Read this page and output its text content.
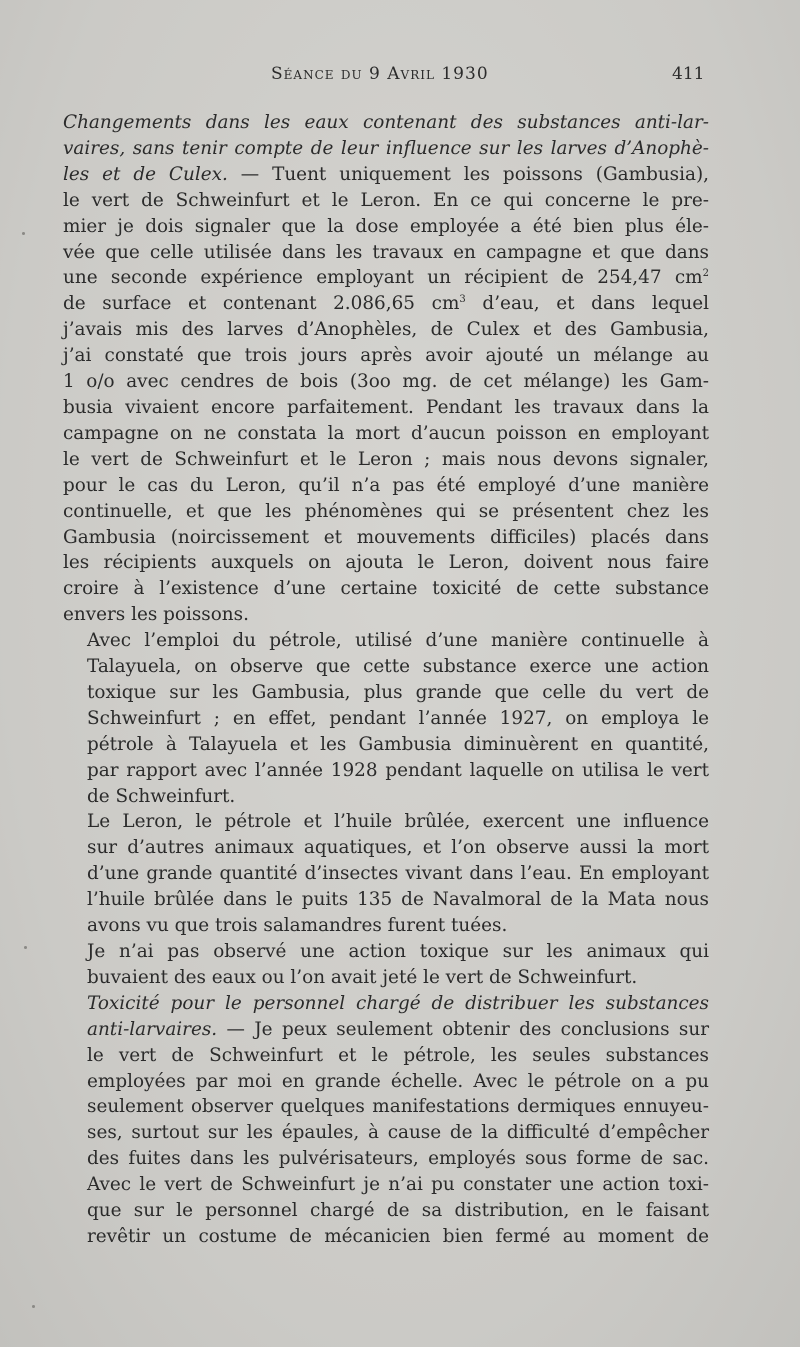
Séance du 9 Avril 1930	411

Changements dans les eaux contenant des substances anti-lar-
vaires, sans tenir compte de leur influence sur les larves d’Anophè-
les et de Culex. — Tuent uniquement les poissons (Gambusia),
le vert de Schweinfurt et le Leron. En ce qui concerne le pre-
mier je dois signaler que la dose employée a été bien plus éle-
vée que celle utilisée dans les travaux en campagne et que dans
une seconde expérience employant un récipient de 254,47 $cm^2$
de surface et contenant 2.086,65 $cm^3$ d’eau, et dans lequel
j’avais mis des larves d’Anophèles, de Culex et des Gambusia,
j’ai constaté que trois jours après avoir ajouté un mélange au
1 o/o avec cendres de bois (3oo mg. de cet mélange) les Gam-
busia vivaient encore parfaitement. Pendant les travaux dans la
campagne on ne constata la mort d’aucun poisson en employant
le vert de Schweinfurt et le Leron ; mais nous devons signaler,
pour le cas du Leron, qu’il n’a pas été employé d’une manière
continuelle, et que les phénomènes qui se présentent chez les
Gambusia (noircissement et mouvements difficiles) placés dans
les récipients auxquels on ajouta le Leron, doivent nous faire
croire à l’existence d’une certaine toxicité de cette substance
envers les poissons.

Avec l’emploi du pétrole, utilisé d’une manière continuelle à
Talayuela, on observe que cette substance exerce une action
toxique sur les Gambusia, plus grande que celle du vert de
Schweinfurt ; en effet, pendant l’année 1927, on employa le
pétrole à Talayuela et les Gambusia diminuèrent en quantité,
par rapport avec l’année 1928 pendant laquelle on utilisa le vert
de Schweinfurt.

Le Leron, le pétrole et l’huile brûlée, exercent une influence
sur d’autres animaux aquatiques, et l’on observe aussi la mort
d’une grande quantité d’insectes vivant dans l’eau. En employant
l’huile brûlée dans le puits 135 de Navalmoral de la Mata nous
avons vu que trois salamandres furent tuées.

Je n’ai pas observé une action toxique sur les animaux qui
buvaient des eaux ou l’on avait jeté le vert de Schweinfurt.

Toxicité pour le personnel chargé de distribuer les substances
anti-larvaires. — Je peux seulement obtenir des conclusions sur
le vert de Schweinfurt et le pétrole, les seules substances
employées par moi en grande échelle. Avec le pétrole on a pu
seulement observer quelques manifestations dermiques ennuyeu-
ses, surtout sur les épaules, à cause de la difficulté d’empêcher
des fuites dans les pulvérisateurs, employés sous forme de sac.
Avec le vert de Schweinfurt je n’ai pu constater une action toxi-
que sur le personnel chargé de sa distribution, en le faisant
revêtir un costume de mécanicien bien fermé au moment de
